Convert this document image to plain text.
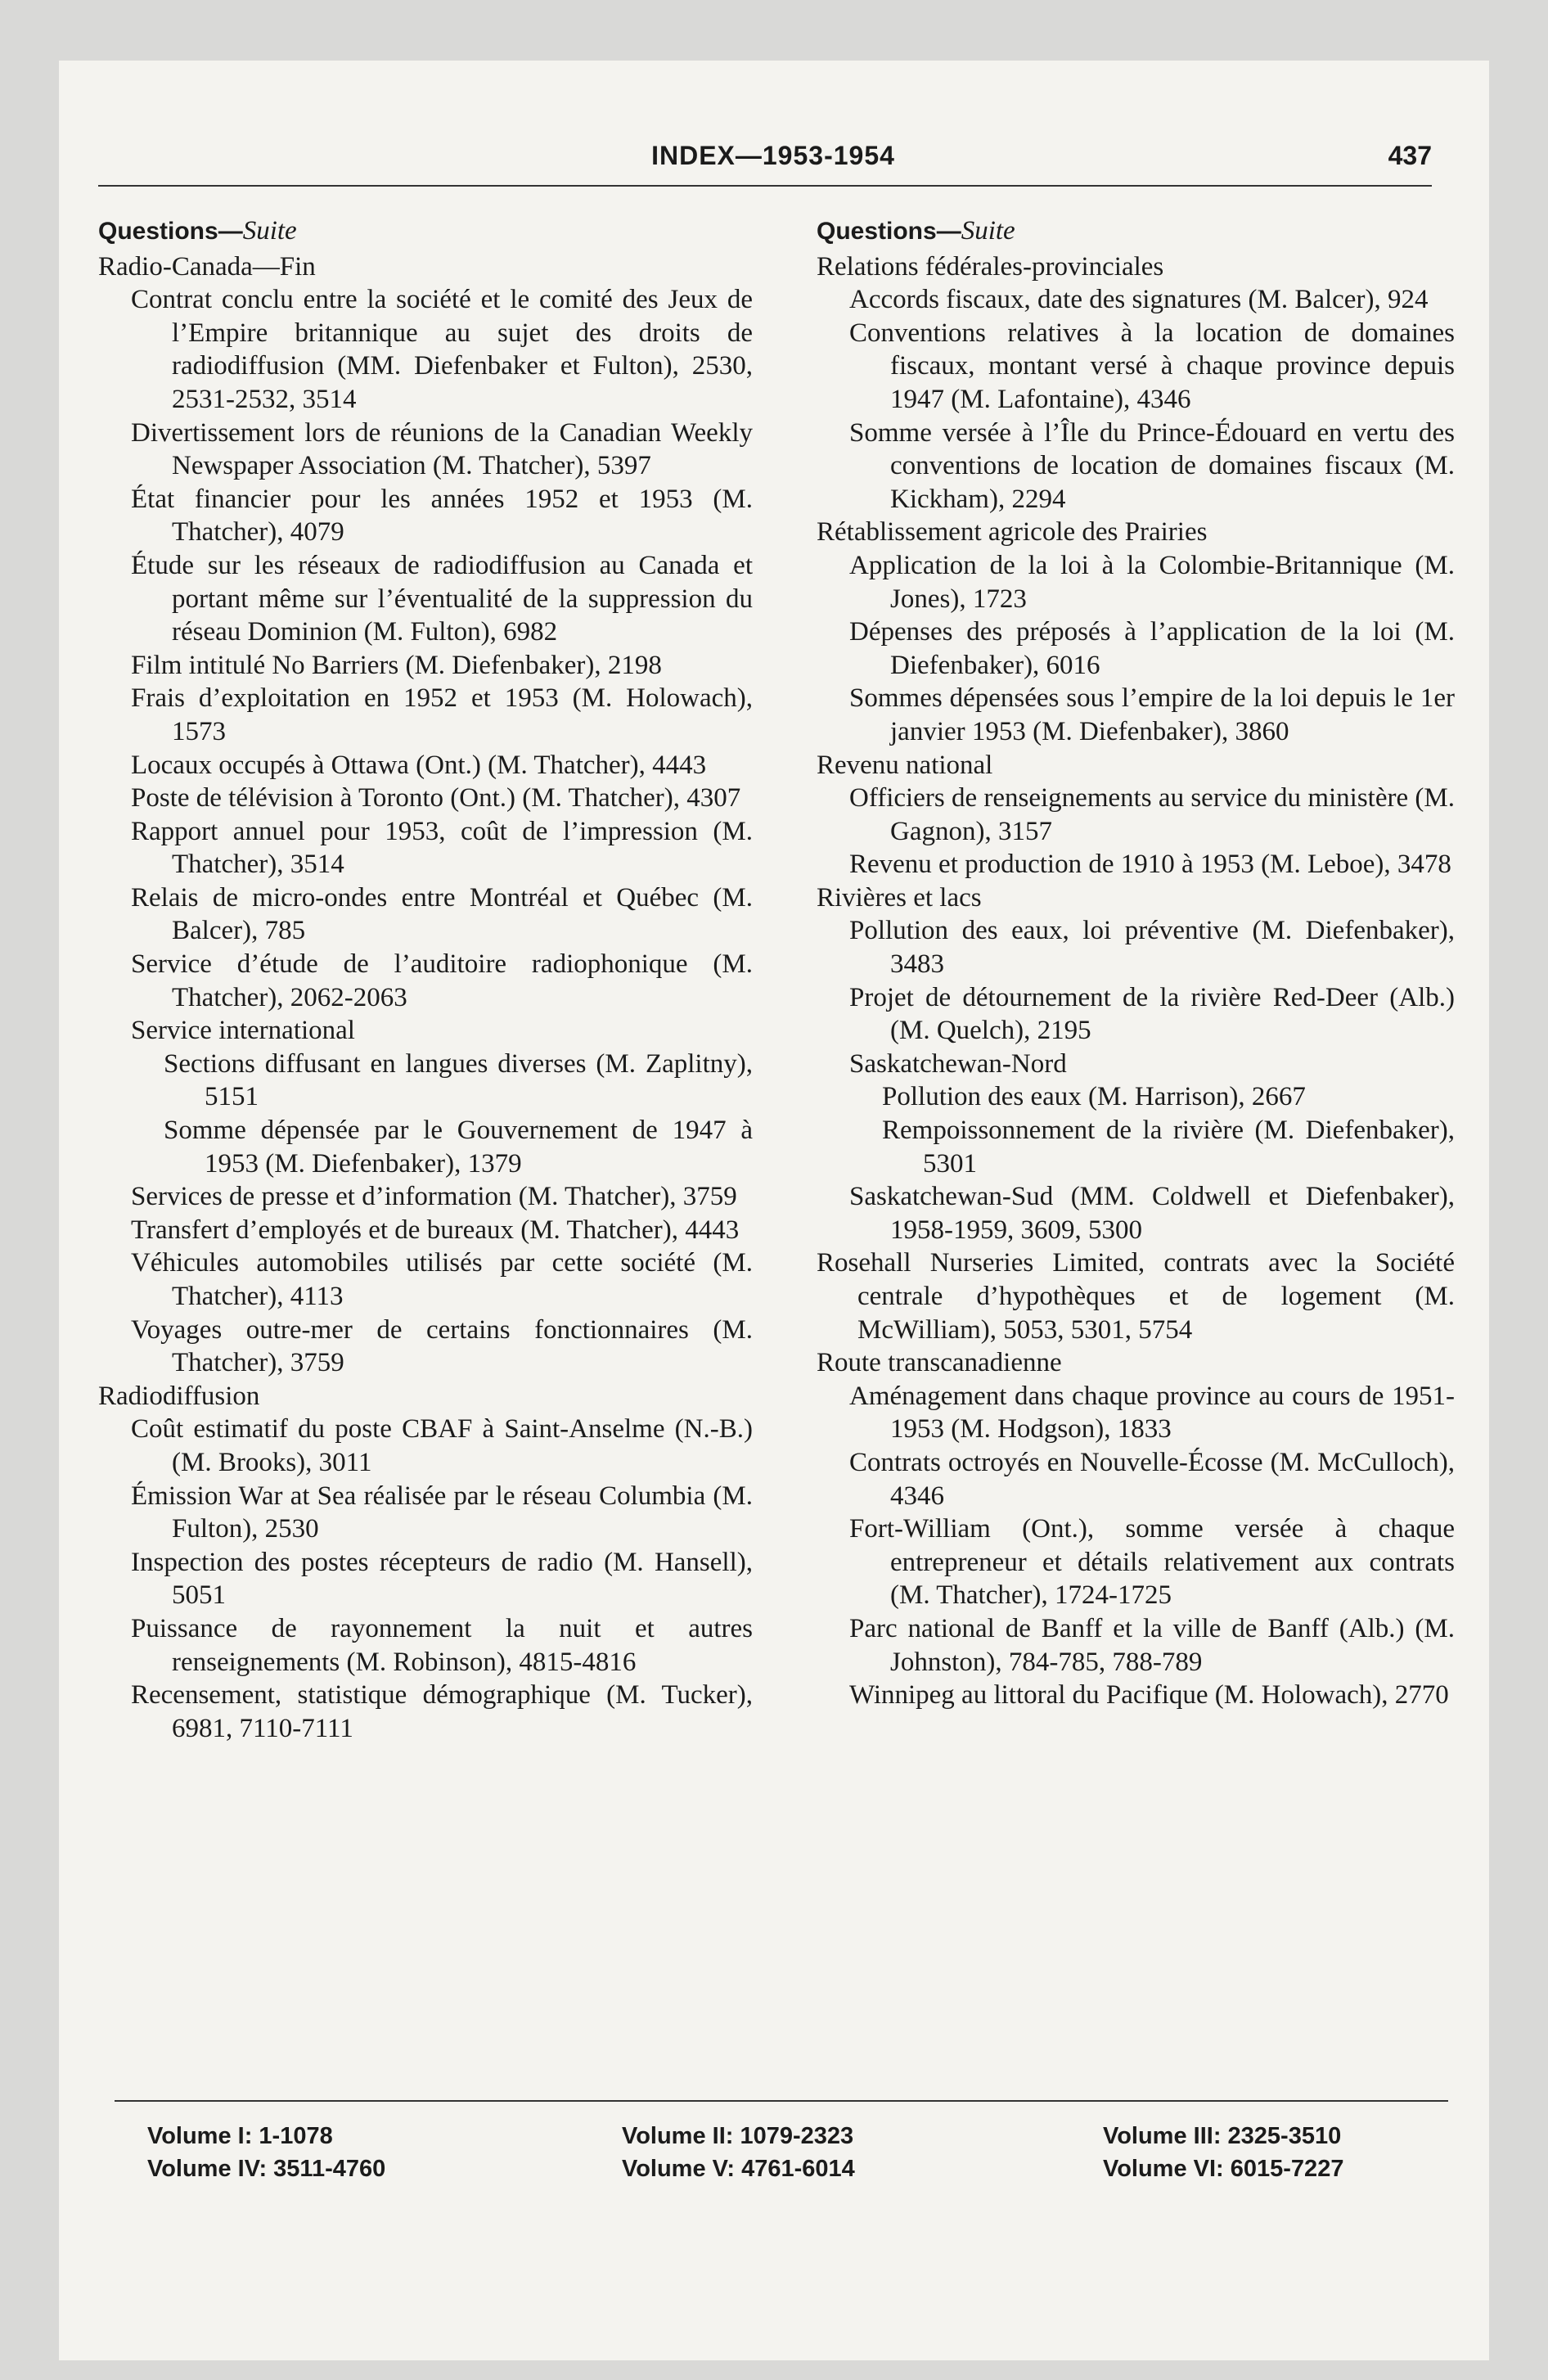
INDEX—1953-1954	437
Questions—Suite
Radio-Canada—Fin
Contrat conclu entre la société et le comité des Jeux de l’Empire britannique au sujet des droits de radiodiffusion (MM. Diefenbaker et Fulton), 2530, 2531-2532, 3514
Divertissement lors de réunions de la Canadian Weekly Newspaper Association (M. Thatcher), 5397
État financier pour les années 1952 et 1953 (M. Thatcher), 4079
Étude sur les réseaux de radiodiffusion au Canada et portant même sur l’éventualité de la suppression du réseau Dominion (M. Fulton), 6982
Film intitulé No Barriers (M. Diefenbaker), 2198
Frais d’exploitation en 1952 et 1953 (M. Holowach), 1573
Locaux occupés à Ottawa (Ont.) (M. Thatcher), 4443
Poste de télévision à Toronto (Ont.) (M. Thatcher), 4307
Rapport annuel pour 1953, coût de l’impression (M. Thatcher), 3514
Relais de micro-ondes entre Montréal et Québec (M. Balcer), 785
Service d’étude de l’auditoire radiophonique (M. Thatcher), 2062-2063
Service international
Sections diffusant en langues diverses (M. Zaplitny), 5151
Somme dépensée par le Gouvernement de 1947 à 1953 (M. Diefenbaker), 1379
Services de presse et d’information (M. Thatcher), 3759
Transfert d’employés et de bureaux (M. Thatcher), 4443
Véhicules automobiles utilisés par cette société (M. Thatcher), 4113
Voyages outre-mer de certains fonctionnaires (M. Thatcher), 3759
Radiodiffusion
Coût estimatif du poste CBAF à Saint-Anselme (N.-B.) (M. Brooks), 3011
Émission War at Sea réalisée par le réseau Columbia (M. Fulton), 2530
Inspection des postes récepteurs de radio (M. Hansell), 5051
Puissance de rayonnement la nuit et autres renseignements (M. Robinson), 4815-4816
Recensement, statistique démographique (M. Tucker), 6981, 7110-7111
Questions—Suite
Relations fédérales-provinciales
Accords fiscaux, date des signatures (M. Balcer), 924
Conventions relatives à la location de domaines fiscaux, montant versé à chaque province depuis 1947 (M. Lafontaine), 4346
Somme versée à l’Île du Prince-Édouard en vertu des conventions de location de domaines fiscaux (M. Kickham), 2294
Rétablissement agricole des Prairies
Application de la loi à la Colombie-Britannique (M. Jones), 1723
Dépenses des préposés à l’application de la loi (M. Diefenbaker), 6016
Sommes dépensées sous l’empire de la loi depuis le 1er janvier 1953 (M. Diefenbaker), 3860
Revenu national
Officiers de renseignements au service du ministère (M. Gagnon), 3157
Revenu et production de 1910 à 1953 (M. Leboe), 3478
Rivières et lacs
Pollution des eaux, loi préventive (M. Diefenbaker), 3483
Projet de détournement de la rivière Red-Deer (Alb.) (M. Quelch), 2195
Saskatchewan-Nord
Pollution des eaux (M. Harrison), 2667
Rempoissonnement de la rivière (M. Diefenbaker), 5301
Saskatchewan-Sud (MM. Coldwell et Diefenbaker), 1958-1959, 3609, 5300
Rosehall Nurseries Limited, contrats avec la Société centrale d’hypothèques et de logement (M. McWilliam), 5053, 5301, 5754
Route transcanadienne
Aménagement dans chaque province au cours de 1951-1953 (M. Hodgson), 1833
Contrats octroyés en Nouvelle-Écosse (M. McCulloch), 4346
Fort-William (Ont.), somme versée à chaque entrepreneur et détails relativement aux contrats (M. Thatcher), 1724-1725
Parc national de Banff et la ville de Banff (Alb.) (M. Johnston), 784-785, 788-789
Winnipeg au littoral du Pacifique (M. Holowach), 2770
Volume I: 1-1078
Volume IV: 3511-4760
Volume II: 1079-2323
Volume V: 4761-6014
Volume III: 2325-3510
Volume VI: 6015-7227
